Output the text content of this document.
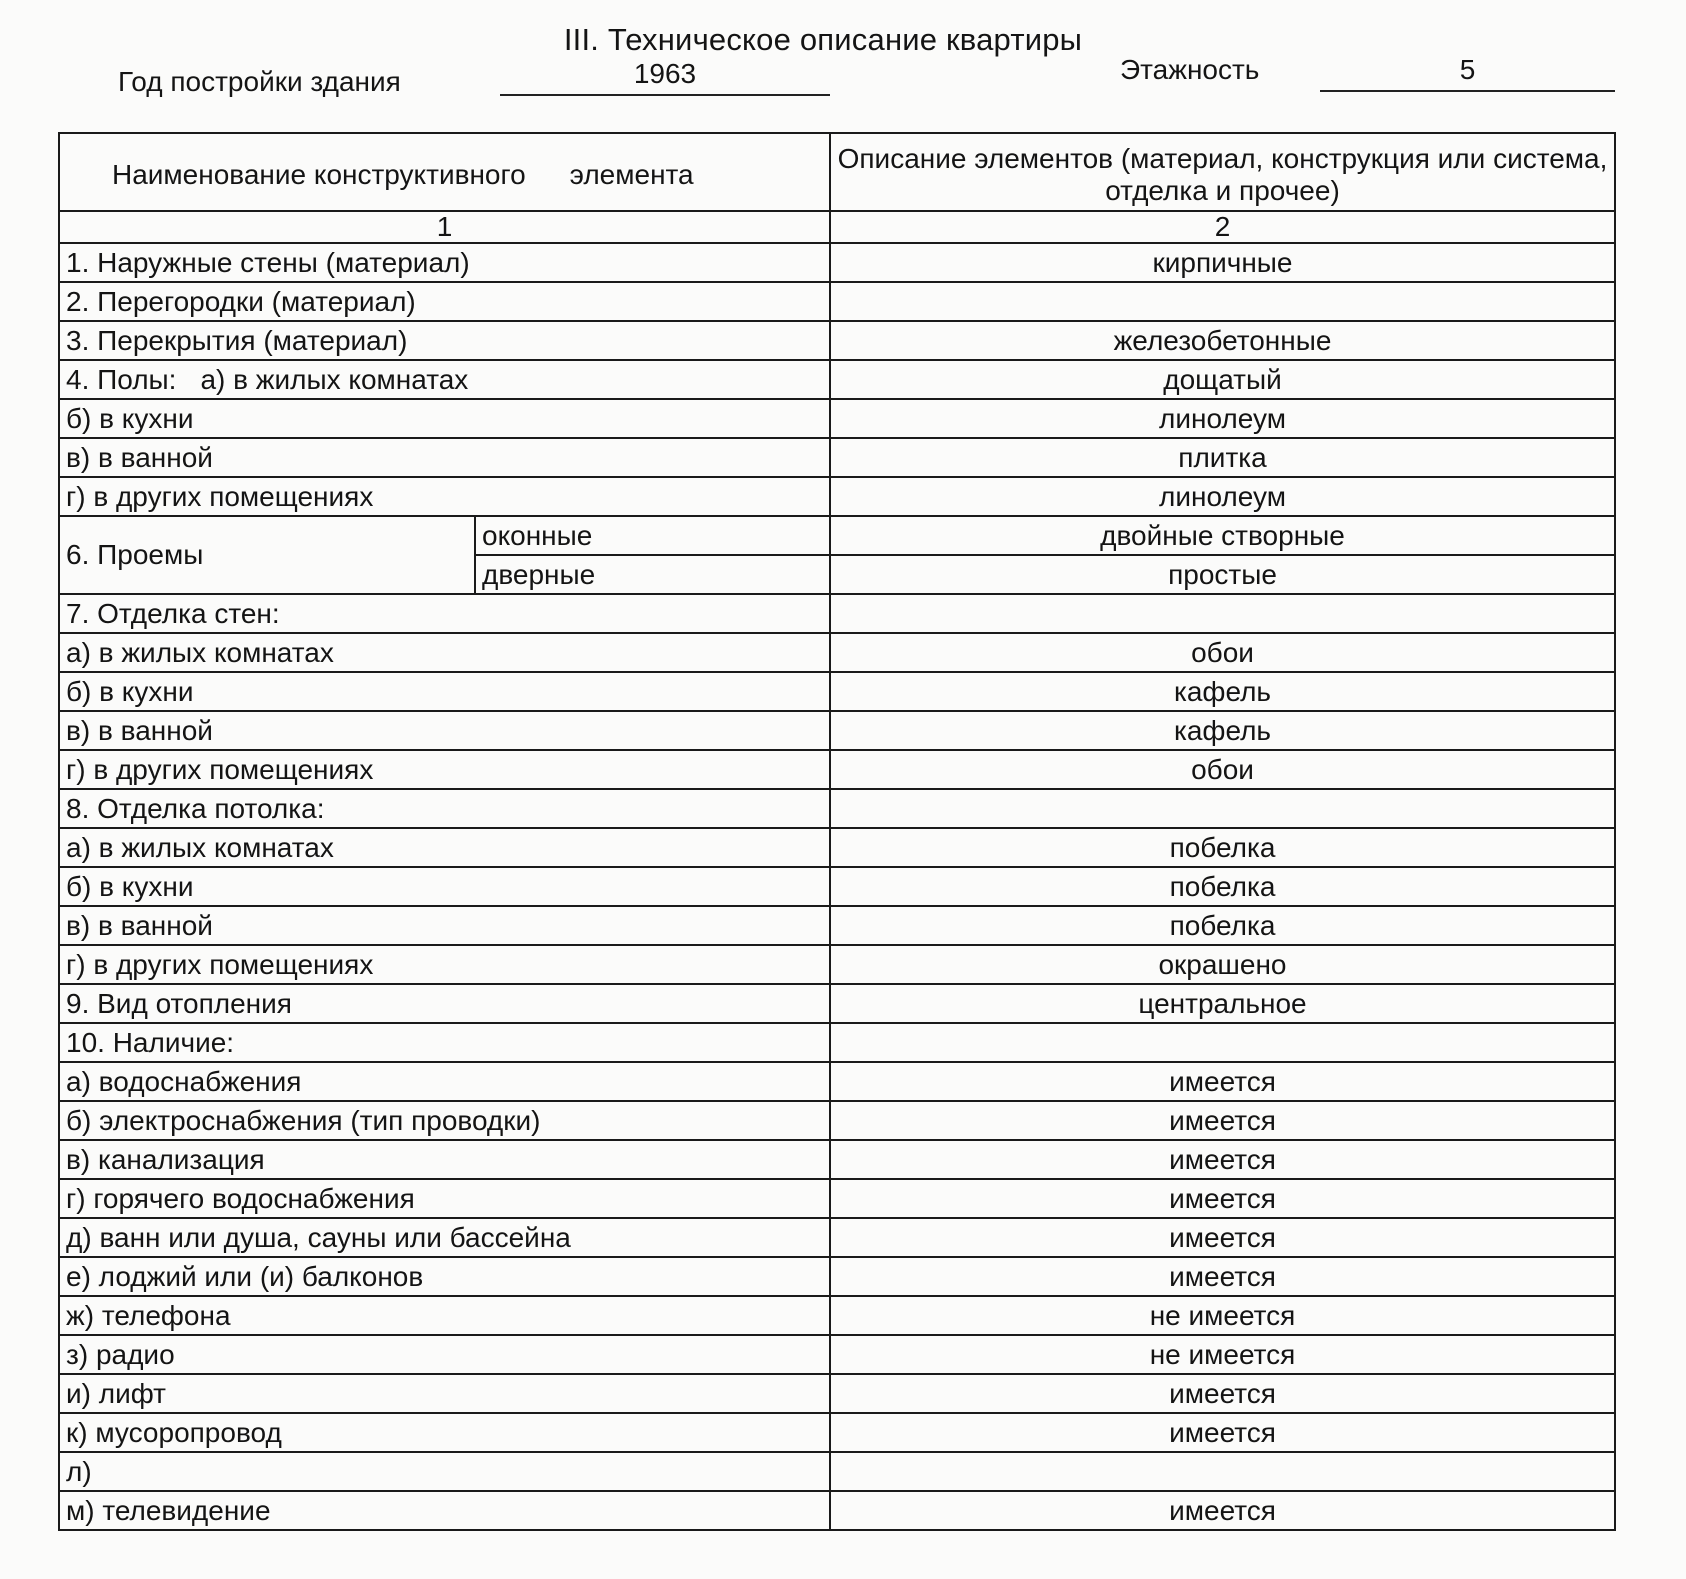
III. Техническое описание квартиры
Год постройки здания	1963	Этажность	5
Наименование конструктивного элемента		Описание элементов (материал, конструкция или система, отделка и прочее)
1		2
1. Наружные стены (материал)		кирпичные
2. Перегородки (материал)		
3. Перекрытия (материал)		железобетонные
4. Полы: а) в жилых комнатах		дощатый
б) в кухни		линолеум
в) в ванной		плитка
г) в других помещениях		линолеум
6. Проемы	оконные	двойные створные
	дверные	простые
7. Отделка стен:		
а) в жилых комнатах		обои
б) в кухни		кафель
в) в ванной		кафель
г) в других помещениях		обои
8. Отделка потолка:		
а) в жилых комнатах		побелка
б) в кухни		побелка
в) в ванной		побелка
г) в других помещениях		окрашено
9. Вид отопления		центральное
10. Наличие:		
а) водоснабжения		имеется
б) электроснабжения (тип проводки)		имеется
в) канализация		имеется
г) горячего водоснабжения		имеется
д) ванн или душа, сауны или бассейна		имеется
е) лоджий или (и) балконов		имеется
ж) телефона		не имеется
з) радио		не имеется
и) лифт		имеется
к) мусоропровод		имеется
л)		
м) телевидение		имеется
